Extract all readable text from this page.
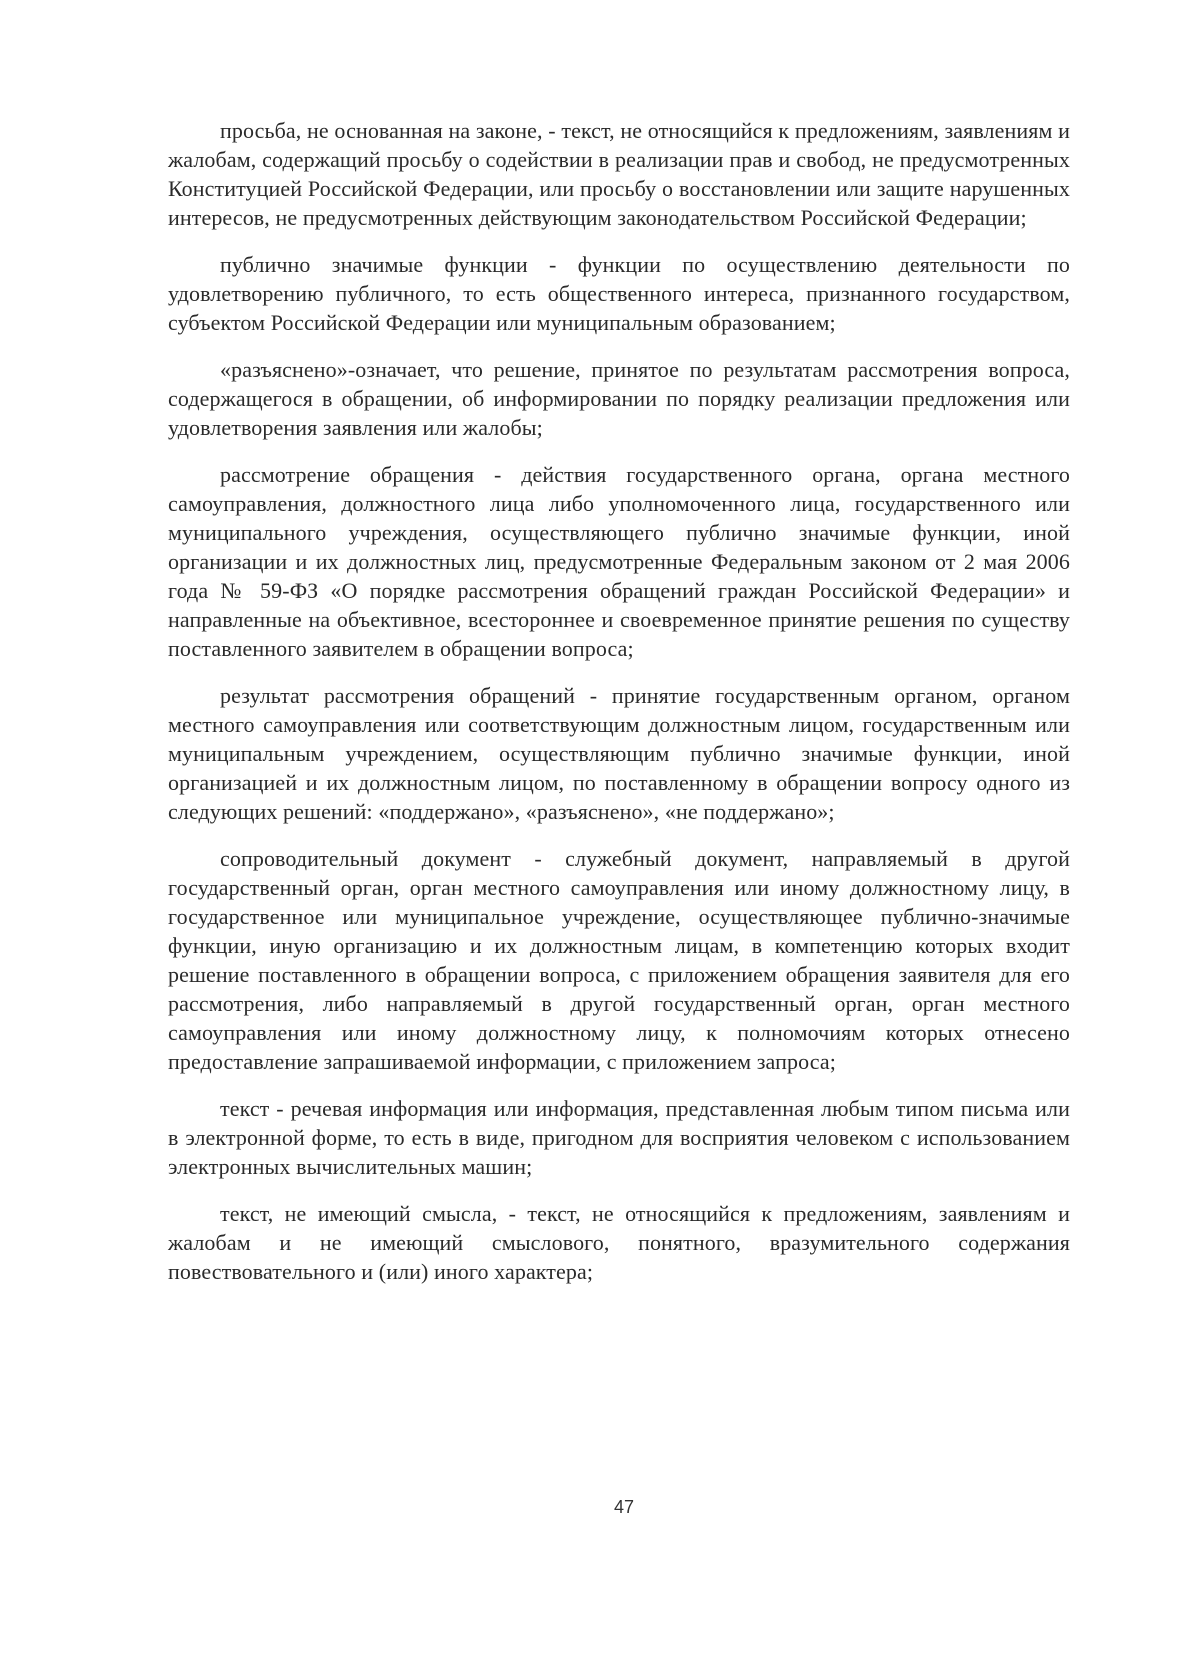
просьба, не основанная на законе, - текст, не относящийся к предложениям, заявлениям и жалобам, содержащий просьбу о содействии в реализации прав и свобод, не предусмотренных Конституцией Российской Федерации, или просьбу о восстановлении или защите нарушенных интересов, не предусмотренных действующим законодательством Российской Федерации;

публично значимые функции - функции по осуществлению деятельности по удовлетворению публичного, то есть общественного интереса, признанного государством, субъектом Российской Федерации или муниципальным образованием;

«разъяснено»-означает, что решение, принятое по результатам рассмотрения вопроса, содержащегося в обращении, об информировании по порядку реализации предложения или удовлетворения заявления или жалобы;

рассмотрение обращения - действия государственного органа, органа местного самоуправления, должностного лица либо уполномоченного лица, государственного или муниципального учреждения, осуществляющего публично значимые функции, иной организации и их должностных лиц, предусмотренные Федеральным законом от 2 мая 2006 года № 59-ФЗ «О порядке рассмотрения обращений граждан Российской Федерации» и направленные на объективное, всестороннее и своевременное принятие решения по существу поставленного заявителем в обращении вопроса;

результат рассмотрения обращений - принятие государственным органом, органом местного самоуправления или соответствующим должностным лицом, государственным или муниципальным учреждением, осуществляющим публично значимые функции, иной организацией и их должностным лицом, по поставленному в обращении вопросу одного из следующих решений: «поддержано», «разъяснено», «не поддержано»;

сопроводительный документ - служебный документ, направляемый в другой государственный орган, орган местного самоуправления или иному должностному лицу, в государственное или муниципальное учреждение, осуществляющее публично-значимые функции, иную организацию и их должностным лицам, в компетенцию которых входит решение поставленного в обращении вопроса, с приложением обращения заявителя для его рассмотрения, либо направляемый в другой государственный орган, орган местного самоуправления или иному должностному лицу, к полномочиям которых отнесено предоставление запрашиваемой информации, с приложением запроса;

текст - речевая информация или информация, представленная любым типом письма или в электронной форме, то есть в виде, пригодном для восприятия человеком с использованием электронных вычислительных машин;

текст, не имеющий смысла, - текст, не относящийся к предложениям, заявлениям и жалобам и не имеющий смыслового, понятного, вразумительного содержания повествовательного и (или) иного характера;

47
